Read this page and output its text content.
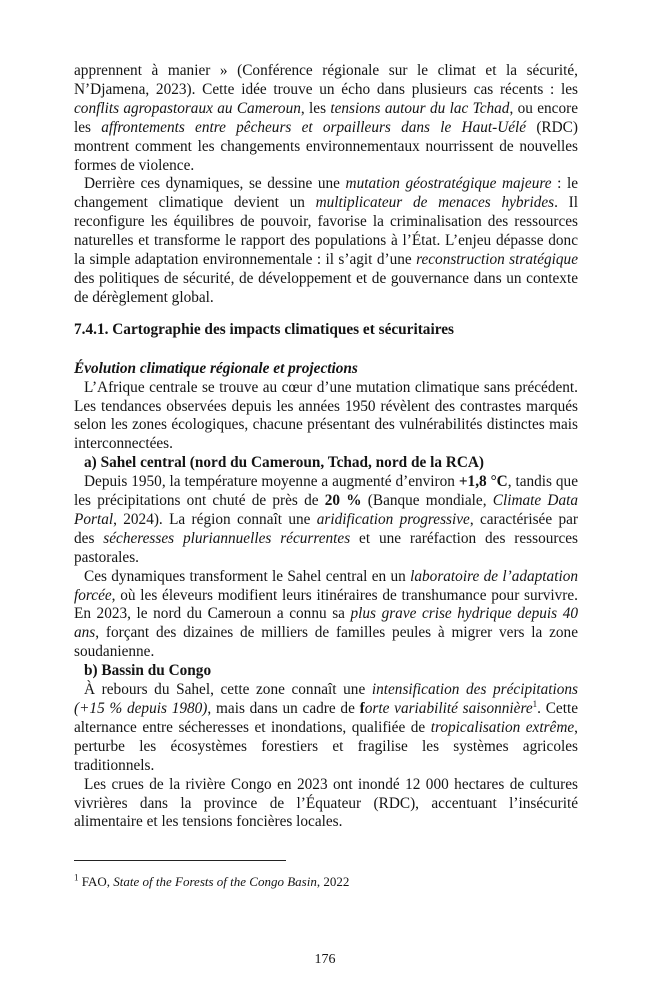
apprennent à manier » (Conférence régionale sur le climat et la sécurité, N’Djamena, 2023). Cette idée trouve un écho dans plusieurs cas récents : les conflits agropastoraux au Cameroun, les tensions autour du lac Tchad, ou encore les affrontements entre pêcheurs et orpailleurs dans le Haut-Uélé (RDC) montrent comment les changements environnementaux nourrissent de nouvelles formes de violence.

Derrière ces dynamiques, se dessine une mutation géostratégique majeure : le changement climatique devient un multiplicateur de menaces hybrides. Il reconfigure les équilibres de pouvoir, favorise la criminalisation des ressources naturelles et transforme le rapport des populations à l’État. L’enjeu dépasse donc la simple adaptation environnementale : il s’agit d’une reconstruction stratégique des politiques de sécurité, de développement et de gouvernance dans un contexte de dérèglement global.

7.4.1. Cartographie des impacts climatiques et sécuritaires
Évolution climatique régionale et projections

L’Afrique centrale se trouve au cœur d’une mutation climatique sans précédent. Les tendances observées depuis les années 1950 révèlent des contrastes marqués selon les zones écologiques, chacune présentant des vulnérabilités distinctes mais interconnectées.

a) Sahel central (nord du Cameroun, Tchad, nord de la RCA)

Depuis 1950, la température moyenne a augmenté d’environ +1,8 °C, tandis que les précipitations ont chuté de près de 20 % (Banque mondiale, Climate Data Portal, 2024). La région connaît une aridification progressive, caractérisée par des sécheresses pluriannuelles récurrentes et une raréfaction des ressources pastorales.

Ces dynamiques transforment le Sahel central en un laboratoire de l’adaptation forcée, où les éleveurs modifient leurs itinéraires de transhumance pour survivre. En 2023, le nord du Cameroun a connu sa plus grave crise hydrique depuis 40 ans, forçant des dizaines de milliers de familles peules à migrer vers la zone soudanienne.

b) Bassin du Congo

À rebours du Sahel, cette zone connaît une intensification des précipitations (+15 % depuis 1980), mais dans un cadre de forte variabilité saisonnière$^1$. Cette alternance entre sécheresses et inondations, qualifiée de tropicalisation extrême, perturbe les écosystèmes forestiers et fragilise les systèmes agricoles traditionnels.

Les crues de la rivière Congo en 2023 ont inondé 12 000 hectares de cultures vivrières dans la province de l’Équateur (RDC), accentuant l’insécurité alimentaire et les tensions foncières locales.

$^1$ FAO, State of the Forests of the Congo Basin, 2022
176
